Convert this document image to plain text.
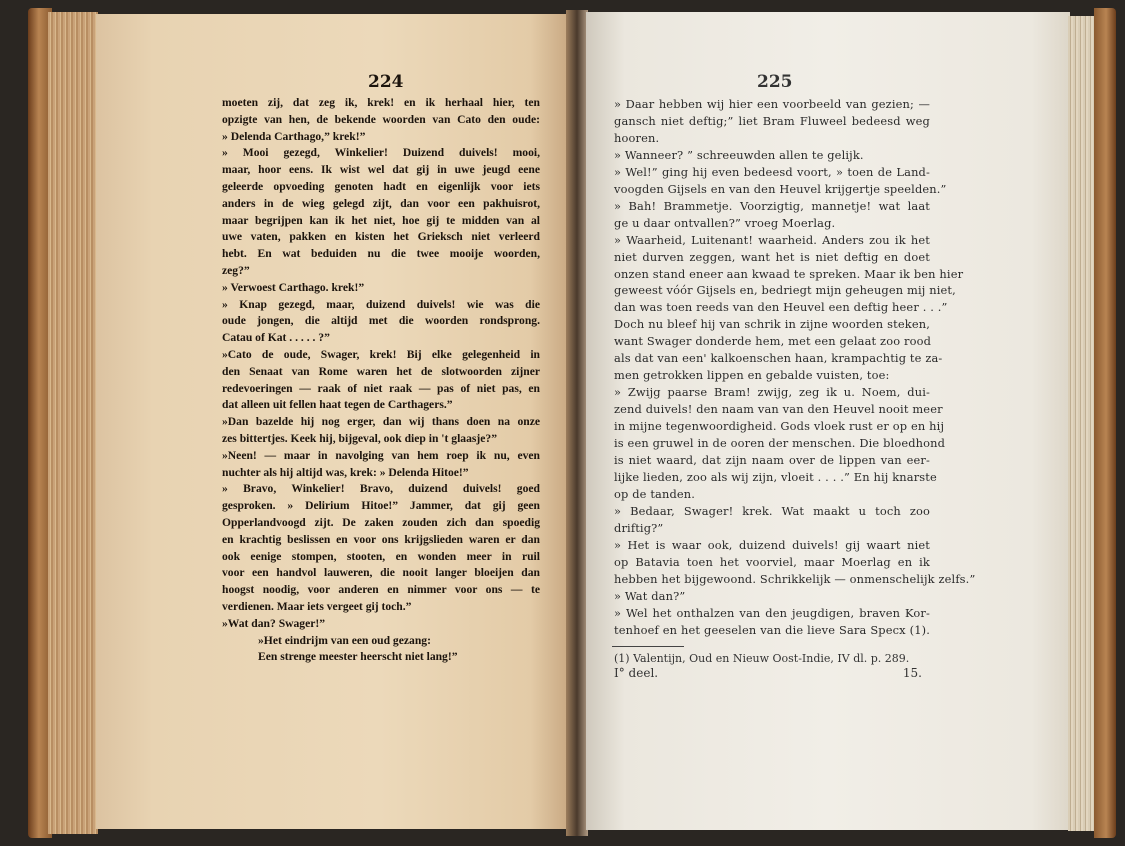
224	225
moeten zij, dat zeg ik, krek! en ik herhaal hier, ten
opzigte van hen, de bekende woorden van Cato den oude:
» Delenda Carthago,” krek!”
» Mooi gezegd, Winkelier! Duizend duivels! mooi,
maar, hoor eens. Ik wist wel dat gij in uwe jeugd eene
geleerde opvoeding genoten hadt en eigenlijk voor iets
anders in de wieg gelegd zijt, dan voor een pakhuisrot,
maar begrijpen kan ik het niet, hoe gij te midden van al
uwe vaten, pakken en kisten het Grieksch niet verleerd
hebt. En wat beduiden nu die twee mooije woorden,
zeg?”
» Verwoest Carthago. krek!”
» Knap gezegd, maar, duizend duivels! wie was die
oude jongen, die altijd met die woorden rondsprong.
Catau of Kat . . . . . ?”
»Cato de oude, Swager, krek! Bij elke gelegenheid in
den Senaat van Rome waren het de slotwoorden zijner
redevoeringen — raak of niet raak — pas of niet pas, en
dat alleen uit fellen haat tegen de Carthagers.”
»Dan bazelde hij nog erger, dan wij thans doen na onze
zes bittertjes. Keek hij, bijgeval, ook diep in 't glaasje?”
»Neen! — maar in navolging van hem roep ik nu, even
nuchter als hij altijd was, krek: » Delenda Hitoe!”
» Bravo, Winkelier! Bravo, duizend duivels! goed
gesproken. » Delirium Hitoe!” Jammer, dat gij geen
Opperlandvoogd zijt. De zaken zouden zich dan spoedig
en krachtig beslissen en voor ons krijgslieden waren er dan
ook eenige stompen, stooten, en wonden meer in ruil
voor een handvol lauweren, die nooit langer bloeijen dan
hoogst noodig, voor anderen en nimmer voor ons — te
verdienen. Maar iets vergeet gij toch.”
»Wat dan? Swager!”
»Het eindrijm van een oud gezang:
Een strenge meester heerscht niet lang!”
» Daar hebben wij hier een voorbeeld van gezien; —
gansch niet deftig;” liet Bram Fluweel bedeesd weg
hooren.
» Wanneer? ” schreeuwden allen te gelijk.
» Wel!” ging hij even bedeesd voort, » toen de Land-
voogden Gijsels en van den Heuvel krijgertje speelden.”
» Bah! Brammetje. Voorzigtig, mannetje! wat laat
ge u daar ontvallen?” vroeg Moerlag.
» Waarheid, Luitenant! waarheid. Anders zou ik het
niet durven zeggen, want het is niet deftig en doet
onzen stand eneer aan kwaad te spreken. Maar ik ben hier
geweest vóór Gijsels en, bedriegt mijn geheugen mij niet,
dan was toen reeds van den Heuvel een deftig heer . . .”
Doch nu bleef hij van schrik in zijne woorden steken,
want Swager donderde hem, met een gelaat zoo rood
als dat van een' kalkoenschen haan, krampachtig te za-
men getrokken lippen en gebalde vuisten, toe:
» Zwijg paarse Bram! zwijg, zeg ik u. Noem, dui-
zend duivels! den naam van van den Heuvel nooit meer
in mijne tegenwoordigheid. Gods vloek rust er op en hij
is een gruwel in de ooren der menschen. Die bloedhond
is niet waard, dat zijn naam over de lippen van eer-
lijke lieden, zoo als wij zijn, vloeit . . . .” En hij knarste
op de tanden.
» Bedaar, Swager! krek. Wat maakt u toch zoo
driftig?”
» Het is waar ook, duizend duivels! gij waart niet
op Batavia toen het voorviel, maar Moerlag en ik
hebben het bijgewoond. Schrikkelijk — onmenschelijk zelfs.”
» Wat dan?”
» Wel het onthalzen van den jeugdigen, braven Kor-
tenhoef en het geeselen van die lieve Sara Specx (1).
(1) Valentijn, Oud en Nieuw Oost-Indie, IV dl. p. 289.
I° deel.	15.
